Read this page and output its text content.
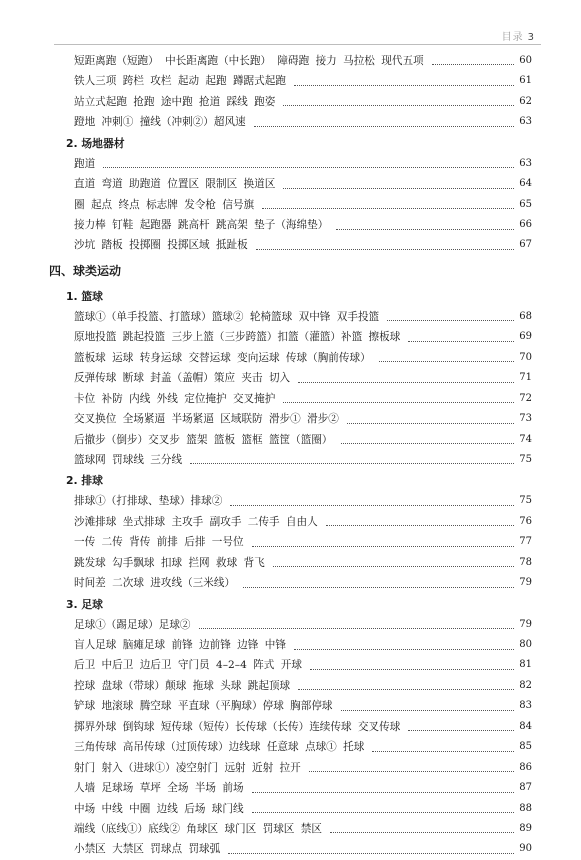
目录 3
短距离跑（短跑） 中长距离跑（中长跑） 障碍跑 接力 马拉松 现代五项	60
铁人三项 跨栏 攻栏 起动 起跑 蹲踞式起跑	61
站立式起跑 抢跑 途中跑 抢道 踩线 跑姿	62
蹬地 冲刺① 撞线（冲刺②）超风速	63
2. 场地器材
跑道	63
直道 弯道 助跑道 位置区 限制区 换道区	64
圈 起点 终点 标志牌 发令枪 信号旗	65
接力棒 钉鞋 起跑器 跳高杆 跳高架 垫子（海绵垫）	66
沙坑 踏板 投掷圈 投掷区域 抵趾板	67
四、球类运动
1. 篮球
篮球①（单手投篮、打篮球）篮球② 轮椅篮球 双中锋 双手投篮	68
原地投篮 跳起投篮 三步上篮（三步跨篮）扣篮（灌篮）补篮 擦板球	69
篮板球 运球 转身运球 交替运球 变向运球 传球（胸前传球）	70
反弹传球 断球 封盖（盖帽）策应 夹击 切入	71
卡位 补防 内线 外线 定位掩护 交叉掩护	72
交叉换位 全场紧逼 半场紧逼 区域联防 滑步① 滑步②	73
后撤步（倒步）交叉步 篮架 篮板 篮框 篮筐（篮圈）	74
篮球网 罚球线 三分线	75
2. 排球
排球①（打排球、垫球）排球②	75
沙滩排球 坐式排球 主攻手 副攻手 二传手 自由人	76
一传 二传 背传 前排 后排 一号位	77
跳发球 勾手飘球 扣球 拦网 救球 背飞	78
时间差 二次球 进攻线（三米线）	79
3. 足球
足球①（踢足球）足球②	79
盲人足球 脑瘫足球 前锋 边前锋 边锋 中锋	80
后卫 中后卫 边后卫 守门员 4–2–4 阵式 开球	81
控球 盘球（带球）颠球 拖球 头球 跳起顶球	82
铲球 地滚球 腾空球 平直球（平胸球）停球 胸部停球	83
掷界外球 倒钩球 短传球（短传）长传球（长传）连续传球 交叉传球	84
三角传球 高吊传球（过顶传球）边线球 任意球 点球① 托球	85
射门 射入（进球①）凌空射门 远射 近射 拉开	86
人墙 足球场 草坪 全场 半场 前场	87
中场 中线 中圈 边线 后场 球门线	88
端线（底线①）底线② 角球区 球门区 罚球区 禁区	89
小禁区 大禁区 罚球点 罚球弧	90
